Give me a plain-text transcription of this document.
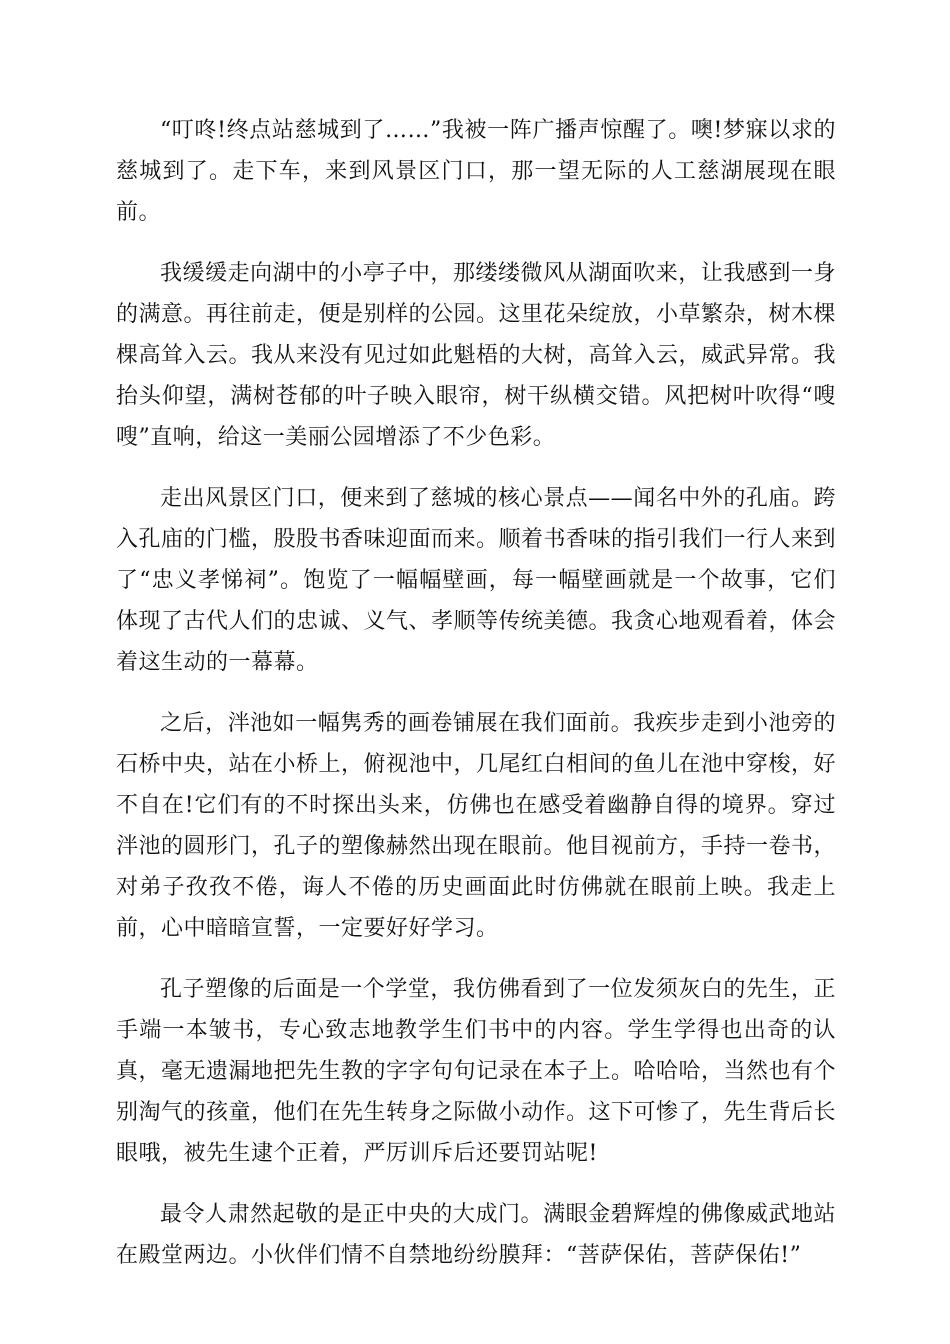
“叮咚!终点站慈城到了……”我被一阵广播声惊醒了。噢!梦寐以求的慈城到了。走下车，来到风景区门口，那一望无际的人工慈湖展现在眼前。

我缓缓走向湖中的小亭子中，那缕缕微风从湖面吹来，让我感到一身的满意。再往前走，便是别样的公园。这里花朵绽放，小草繁杂，树木棵棵高耸入云。我从来没有见过如此魁梧的大树，高耸入云，威武异常。我抬头仰望，满树苍郁的叶子映入眼帘，树干纵横交错。风把树叶吹得“嗖嗖”直响，给这一美丽公园增添了不少色彩。

走出风景区门口，便来到了慈城的核心景点——闻名中外的孔庙。跨入孔庙的门槛，股股书香味迎面而来。顺着书香味的指引我们一行人来到了“忠义孝悌祠”。饱览了一幅幅壁画，每一幅壁画就是一个故事，它们体现了古代人们的忠诚、义气、孝顺等传统美德。我贪心地观看着，体会着这生动的一幕幕。

之后，泮池如一幅隽秀的画卷铺展在我们面前。我疾步走到小池旁的石桥中央，站在小桥上，俯视池中，几尾红白相间的鱼儿在池中穿梭，好不自在!它们有的不时探出头来，仿佛也在感受着幽静自得的境界。穿过泮池的圆形门，孔子的塑像赫然出现在眼前。他目视前方，手持一卷书，对弟子孜孜不倦，诲人不倦的历史画面此时仿佛就在眼前上映。我走上前，心中暗暗宣誓，一定要好好学习。

孔子塑像的后面是一个学堂，我仿佛看到了一位发须灰白的先生，正手端一本皱书，专心致志地教学生们书中的内容。学生学得也出奇的认真，毫无遗漏地把先生教的字字句句记录在本子上。哈哈哈，当然也有个别淘气的孩童，他们在先生转身之际做小动作。这下可惨了，先生背后长眼哦，被先生逮个正着，严厉训斥后还要罚站呢!

最令人肃然起敬的是正中央的大成门。满眼金碧辉煌的佛像威武地站在殿堂两边。小伙伴们情不自禁地纷纷膜拜：“菩萨保佑，菩萨保佑!”
